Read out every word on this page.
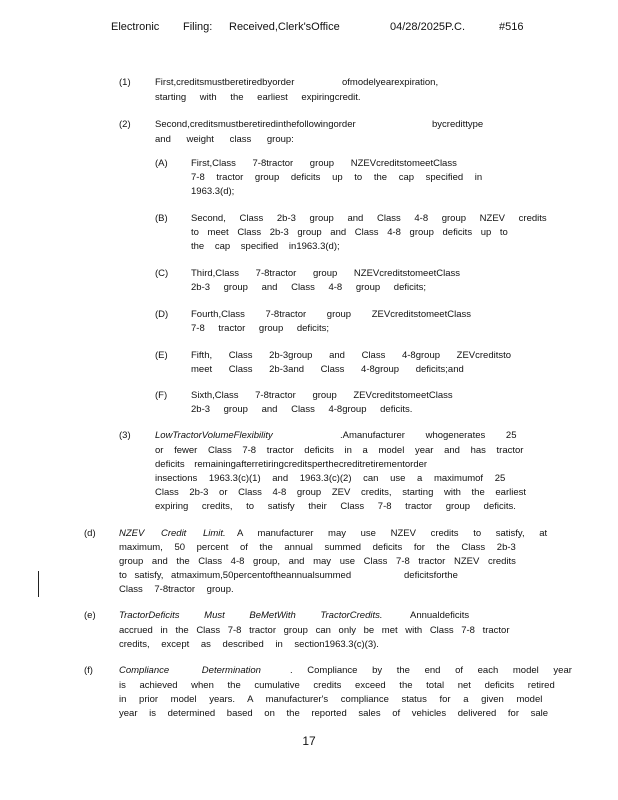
Electronic Filing: Received,Clerk'sOffice	04/28/2025P.C.	#516
(1)	First,creditsmustberetiredbyorder	ofmodelyearexpiration,
starting with the earliest expiringcredit.
(2)	Second,creditsmustberetiredinthefollowingorder	bycredittype
and weight class group:
(A) First,Class 7-8tractor group NZEVcreditstomeetClass
7-8 tractor group deficits up to the cap specified in
1963.3(d);
(B) Second, Class 2b-3 group and Class 4-8 group NZEV credits
to meet Class 2b-3 group and Class 4-8 group deficits up to
the cap specified in1963.3(d);
(C) Third,Class 7-8tractor group NZEVcreditstomeetClass
2b-3 group and Class 4-8 group deficits;
(D) Fourth,Class 7-8tractor group ZEVcreditstomeetClass
7-8 tractor group deficits;
(E) Fifth, Class 2b-3group and Class 4-8group ZEVcreditsto
meet Class 2b-3and Class 4-8group deficits;and
(F)	Sixth,Class 7-8tractor group ZEVcreditstomeetClass
2b-3 group and Class 4-8group deficits.
(3)	LowTractorVolumeFlexibility	.Amanufacturer whogenerates 25
or fewer Class 7-8 tractor deficits in a model year and has tractor
deficits remainingafterretiringcreditsperthecreditretirementorder
insections 1963.3(c)(1) and 1963.3(c)(2) can use a maximumof 25
Class 2b-3 or Class 4-8 group ZEV credits, starting with the earliest
expiring credits, to satisfy their Class 7-8 tractor group deficits.
(d) NZEV Credit Limit. A manufacturer may use NZEV credits to satisfy, at
maximum, 50 percent of the annual summed deficits for the Class 2b-3
group and the Class 4-8 group, and may use Class 7-8 tractor NZEV credits
to satisfy, atmaximum,50percentoftheannualsummed	deficitsforthe
Class 7-8tractor group.
(e) TractorDeficits Must BeMetWith TractorCredits.	Annualdeficits
accrued in the Class 7-8 tractor group can only be met with Class 7-8 tractor
credits, except as described in section1963.3(c)(3).
(f)	Compliance Determination	. Compliance by the end of each model year
is achieved when the cumulative credits exceed the total net deficits retired
in prior model years. A manufacturer's compliance status for a given model
year is determined based on the reported sales of vehicles delivered for sale
17
